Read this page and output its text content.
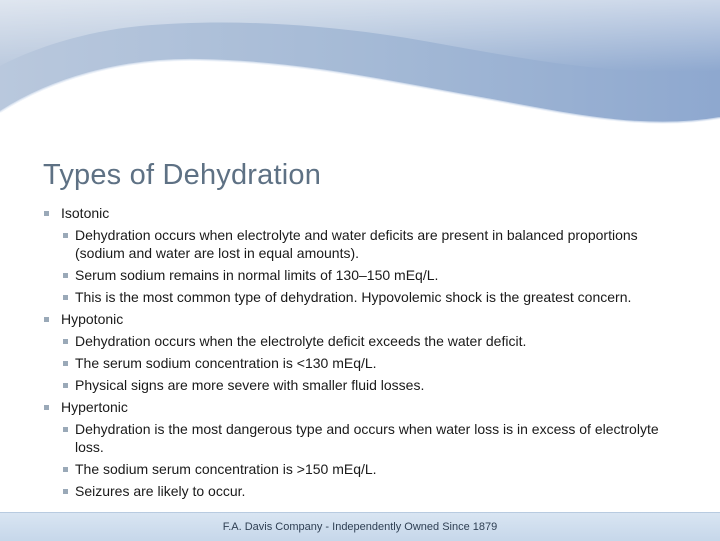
Types of Dehydration
Isotonic
Dehydration occurs when electrolyte and water deficits are present in balanced proportions (sodium and water are lost in equal amounts).
Serum sodium remains in normal limits of 130–150 mEq/L.
This is the most common type of dehydration. Hypovolemic shock is the greatest concern.
Hypotonic
Dehydration occurs when the electrolyte deficit exceeds the water deficit.
The serum sodium concentration is <130 mEq/L.
Physical signs are more severe with smaller fluid losses.
Hypertonic
Dehydration is the most dangerous type and occurs when water loss is in excess of electrolyte loss.
The sodium serum concentration is >150 mEq/L.
Seizures are likely to occur.
F.A. Davis Company - Independently Owned Since 1879
